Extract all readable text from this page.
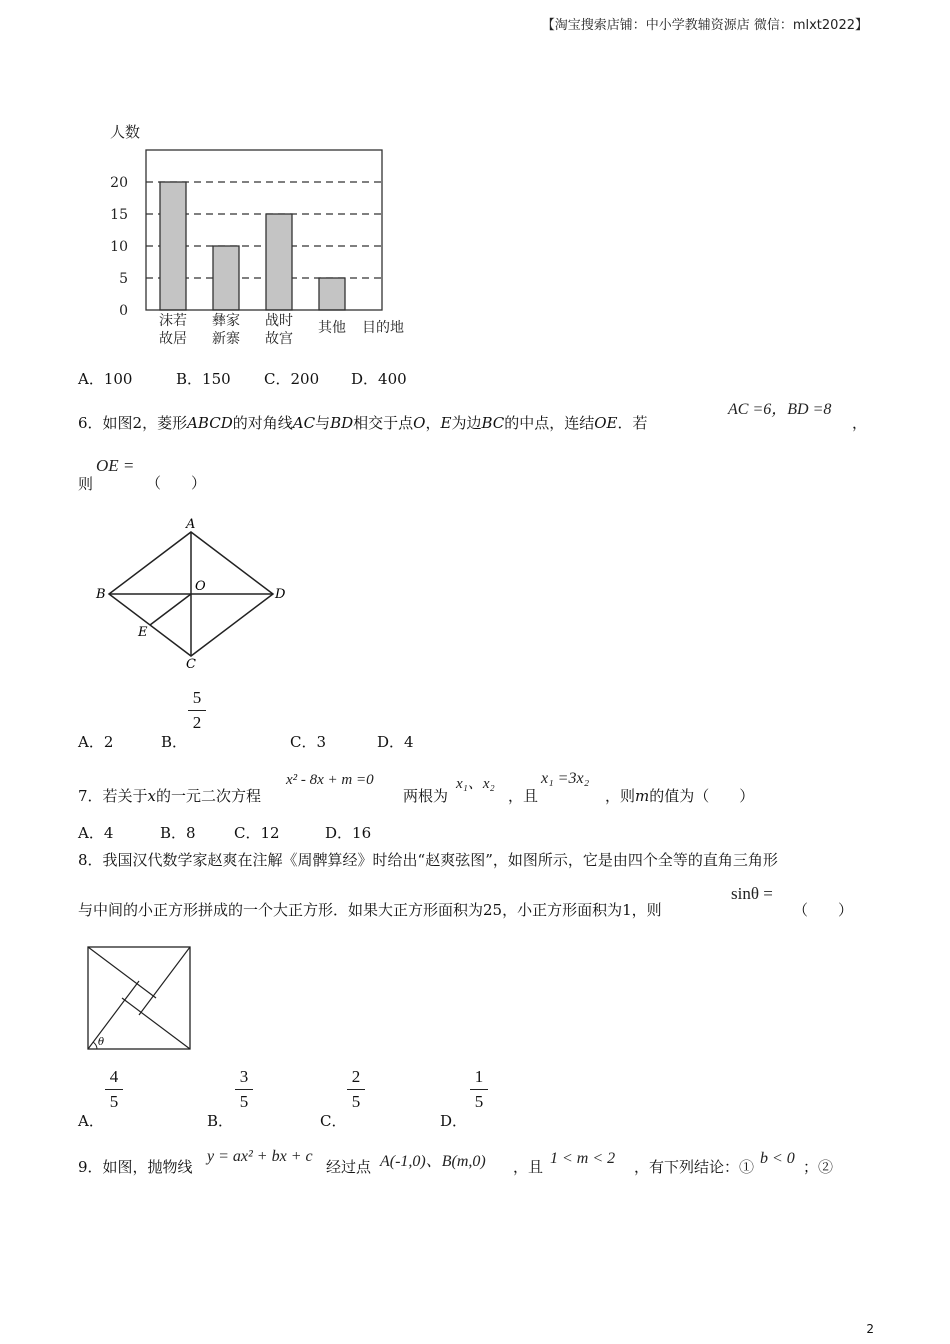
【淘宝搜索店铺：中小学教辅资源店 微信：mlxt2022】
人数
目的地
0
5
10
15
20
沫若
故居
彝家
新寨
战时
故宫
其他
A．100	B．150 C．200 D．400
6．如图2，菱形ABCD的对角线AC与BD相交于点O，E为边BC的中点，连结OE．若
AC =6，BD =8
，
则
OE =
（　　）
A
B	D
O
E
C
A．2	B．
5
2
C．3	D．4
7．若关于x的一元二次方程
x² - 8x + m =0
两根为
x₁、x₂
，且
x₁ =3x₂
，则m的值为（　　）
A．4	B．8	C．12	D．16
8．我国汉代数学家赵爽在注解《周髀算经》时给出“赵爽弦图”，如图所示，它是由四个全等的直角三角形
与中间的小正方形拼成的一个大正方形．如果大正方形面积为25，小正方形面积为1，则
sinθ =
（　　）
θ
A．
4
5
B．
3
5
C．
2
5
D．
1
5
9．如图，抛物线
y = ax² + bx + c
经过点 A(-1,0)、B(m,0) ，且 1 < m < 2 ，有下列结论：① b < 0 ；②
2
